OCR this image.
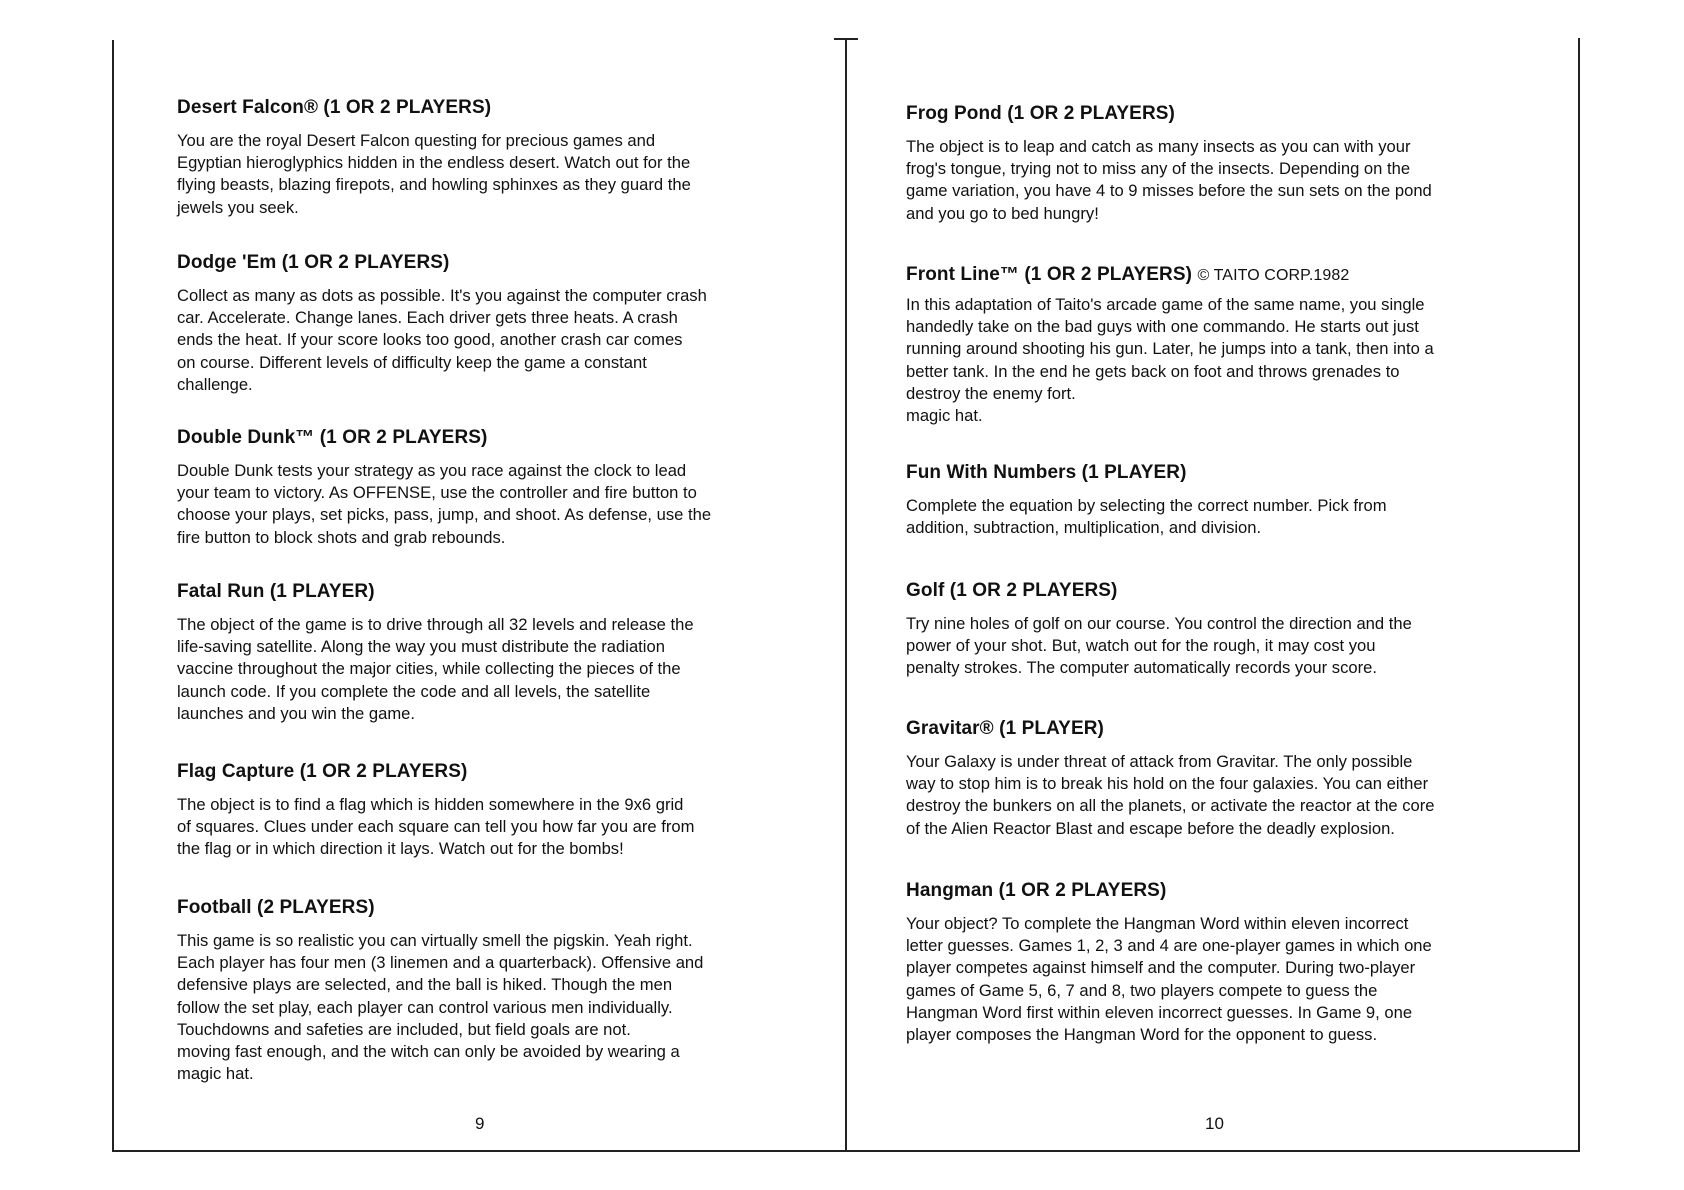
Desert Falcon® (1 OR 2 PLAYERS)

You are the royal Desert Falcon questing for precious games and
Egyptian hieroglyphics hidden in the endless desert. Watch out for the
flying beasts, blazing firepots, and howling sphinxes as they guard the
jewels you seek.

Dodge 'Em (1 OR 2 PLAYERS)

Collect as many as dots as possible. It's you against the computer crash
car. Accelerate. Change lanes. Each driver gets three heats. A crash
ends the heat. If your score looks too good, another crash car comes
on course. Different levels of difficulty keep the game a constant
challenge.

Double Dunk™ (1 OR 2 PLAYERS)

Double Dunk tests your strategy as you race against the clock to lead
your team to victory. As OFFENSE, use the controller and fire button to
choose your plays, set picks, pass, jump, and shoot. As defense, use the
fire button to block shots and grab rebounds.

Fatal Run (1 PLAYER)

The object of the game is to drive through all 32 levels and release the
life-saving satellite. Along the way you must distribute the radiation
vaccine throughout the major cities, while collecting the pieces of the
launch code. If you complete the code and all levels, the satellite
launches and you win the game.

Flag Capture (1 OR 2 PLAYERS)

The object is to find a flag which is hidden somewhere in the 9x6 grid
of squares. Clues under each square can tell you how far you are from
the flag or in which direction it lays. Watch out for the bombs!

Football (2 PLAYERS)

This game is so realistic you can virtually smell the pigskin. Yeah right.
Each player has four men (3 linemen and a quarterback). Offensive and
defensive plays are selected, and the ball is hiked. Though the men
follow the set play, each player can control various men individually.
Touchdowns and safeties are included, but field goals are not.
moving fast enough, and the witch can only be avoided by wearing a
magic hat.

9
Frog Pond (1 OR 2 PLAYERS)

The object is to leap and catch as many insects as you can with your
frog's tongue, trying not to miss any of the insects. Depending on the
game variation, you have 4 to 9 misses before the sun sets on the pond
and you go to bed hungry!

Front Line™ (1 OR 2 PLAYERS) © TAITO CORP.1982

In this adaptation of Taito's arcade game of the same name, you single
handedly take on the bad guys with one commando. He starts out just
running around shooting his gun. Later, he jumps into a tank, then into a
better tank. In the end he gets back on foot and throws grenades to
destroy the enemy fort.
magic hat.

Fun With Numbers (1 PLAYER)

Complete the equation by selecting the correct number. Pick from
addition, subtraction, multiplication, and division.

Golf (1 OR 2 PLAYERS)

Try nine holes of golf on our course. You control the direction and the
power of your shot. But, watch out for the rough, it may cost you
penalty strokes. The computer automatically records your score.

Gravitar® (1 PLAYER)

Your Galaxy is under threat of attack from Gravitar. The only possible
way to stop him is to break his hold on the four galaxies. You can either
destroy the bunkers on all the planets, or activate the reactor at the core
of the Alien Reactor Blast and escape before the deadly explosion.

Hangman (1 OR 2 PLAYERS)

Your object? To complete the Hangman Word within eleven incorrect
letter guesses. Games 1, 2, 3 and 4 are one-player games in which one
player competes against himself and the computer. During two-player
games of Game 5, 6, 7 and 8, two players compete to guess the
Hangman Word first within eleven incorrect guesses. In Game 9, one
player composes the Hangman Word for the opponent to guess.

10
